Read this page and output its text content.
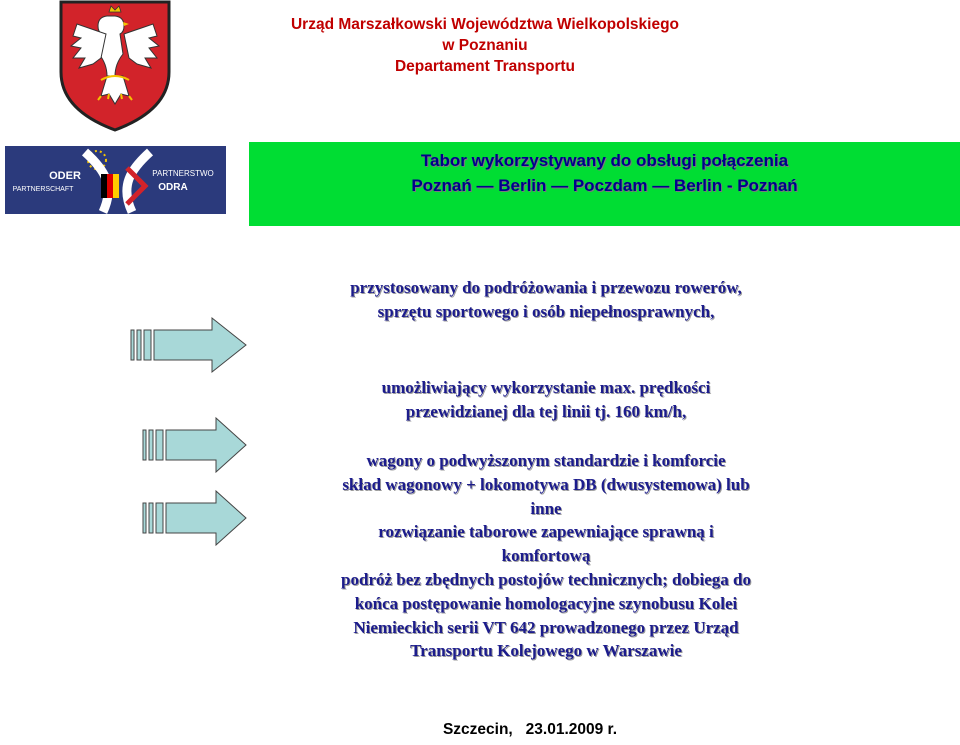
Urząd Marszałkowski Województwa Wielkopolskiego
w Poznaniu
Departament Transportu
ODER
PARTNERSCHAFT
PARTNERSTWO
ODRA
Tabor wykorzystywany do obsługi połączenia
Poznań — Berlin — Poczdam — Berlin - Poznań
przystosowany do podróżowania i przewozu rowerów,
sprzętu sportowego i osób niepełnosprawnych,
umożliwiający wykorzystanie max. prędkości
przewidzianej dla tej linii tj. 160 km/h,
wagony o podwyższonym standardzie i komforcie
skład wagonowy + lokomotywa DB (dwusystemowa) lub
inne
rozwiązanie taborowe zapewniające sprawną i
komfortową
podróż bez zbędnych postojów technicznych; dobiega do
końca postępowanie homologacyjne szynobusu Kolei
Niemieckich serii VT 642 prowadzonego przez Urząd
Transportu Kolejowego w Warszawie
Szczecin,   23.01.2009 r.
